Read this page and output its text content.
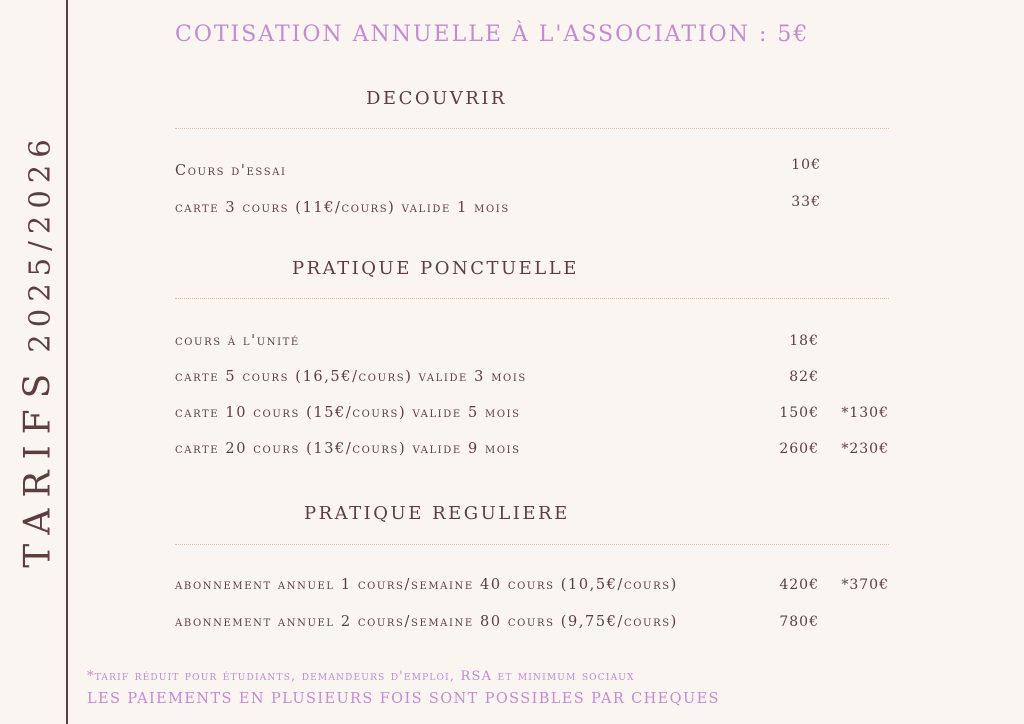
TARIFS2025/2026
COTISATION ANNUELLE À L'ASSOCIATION : 5€
DECOUVRIR
Cours d'essai	10€
carte 3 cours (11€/cours) valide 1 mois	33€
PRATIQUE PONCTUELLE
cours à l'unité	18€
carte 5 cours (16,5€/cours) valide 3 mois	82€
carte 10 cours (15€/cours) valide 5 mois	150€ *130€
carte 20 cours (13€/cours) valide 9 mois	260€ *230€
PRATIQUE REGULIERE
abonnement annuel 1 cours/semaine 40 cours (10,5€/cours)	420€ *370€
abonnement annuel 2 cours/semaine 80 cours (9,75€/cours)	780€
*tarif réduit pour étudiants, demandeurs d'emploi, RSA et minimum sociaux
LES PAIEMENTS EN PLUSIEURS FOIS SONT POSSIBLES PAR CHEQUES
